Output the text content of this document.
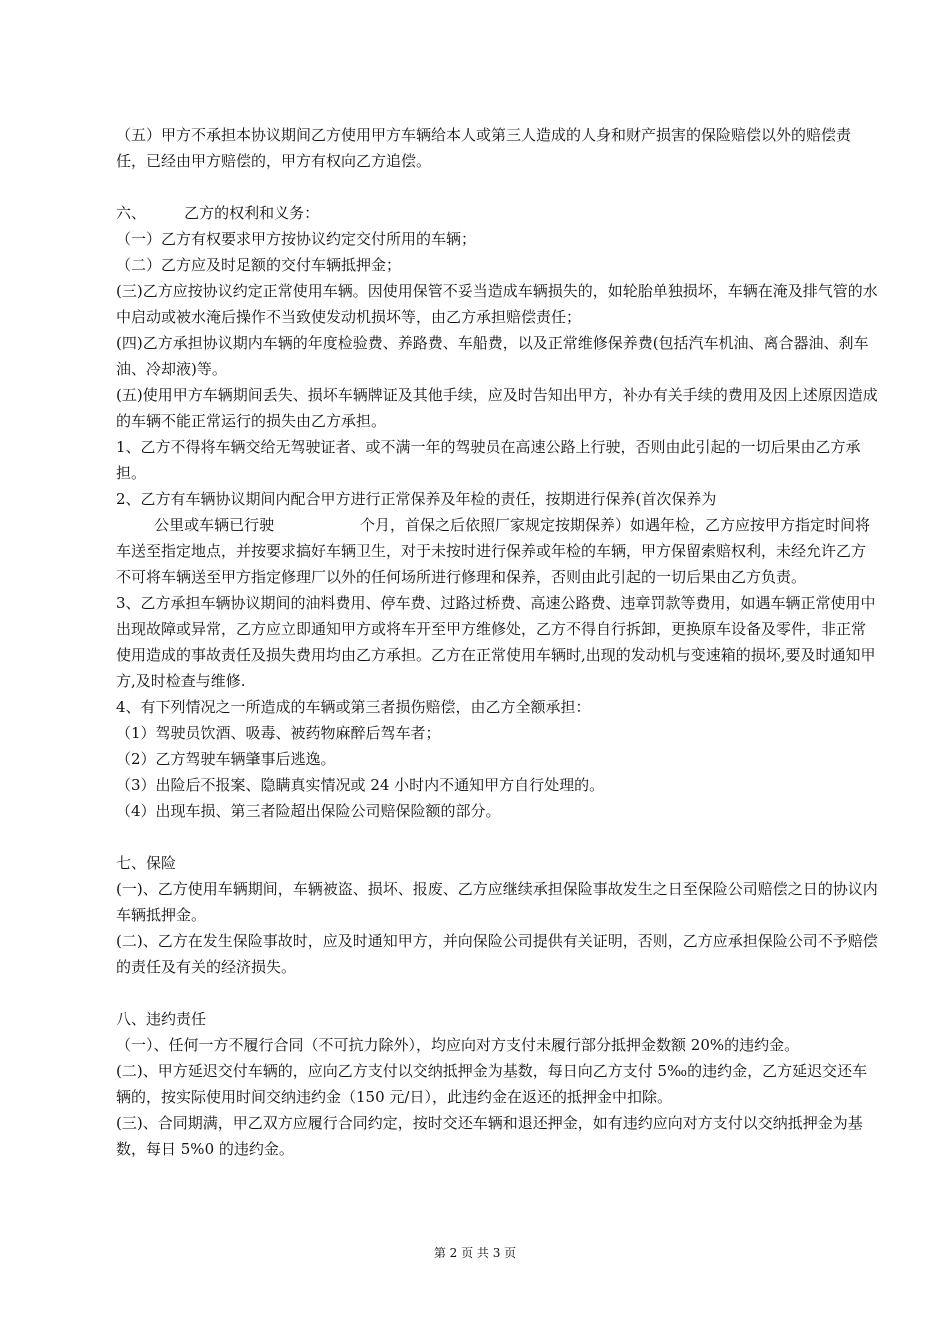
（五）甲方不承担本协议期间乙方使用甲方车辆给本人或第三人造成的人身和财产损害的保险赔偿以外的赔偿责任，已经由甲方赔偿的，甲方有权向乙方追偿。

六、        乙方的权利和义务：

（一）乙方有权要求甲方按协议约定交付所用的车辆；

（二）乙方应及时足额的交付车辆抵押金；

(三)乙方应按协议约定正常使用车辆。因使用保管不妥当造成车辆损失的，如轮胎单独损坏，车辆在淹及排气管的水中启动或被水淹后操作不当致使发动机损坏等，由乙方承担赔偿责任；

(四)乙方承担协议期内车辆的年度检验费、养路费、车船费，以及正常维修保养费(包括汽车机油、离合器油、刹车油、冷却液)等。

(五)使用甲方车辆期间丢失、损坏车辆牌证及其他手续，应及时告知出甲方，补办有关手续的费用及因上述原因造成的车辆不能正常运行的损失由乙方承担。

1、乙方不得将车辆交给无驾驶证者、或不满一年的驾驶员在高速公路上行驶，否则由此引起的一切后果由乙方承担。

2、乙方有车辆协议期间内配合甲方进行正常保养及年检的责任，按期进行保养(首次保养为

公里或车辆已行驶                  个月，首保之后依照厂家规定按期保养）如遇年检，乙方应按甲方指定时间将车送至指定地点，并按要求搞好车辆卫生，对于未按时进行保养或年检的车辆，甲方保留索赔权利，未经允许乙方不可将车辆送至甲方指定修理厂以外的任何场所进行修理和保养，否则由此引起的一切后果由乙方负责。

3、乙方承担车辆协议期间的油料费用、停车费、过路过桥费、高速公路费、违章罚款等费用，如遇车辆正常使用中出现故障或异常，乙方应立即通知甲方或将车开至甲方维修处，乙方不得自行拆卸，更换原车设备及零件，非正常使用造成的事故责任及损失费用均由乙方承担。乙方在正常使用车辆时,出现的发动机与变速箱的损坏,要及时通知甲方,及时检查与维修.

4、有下列情况之一所造成的车辆或第三者损伤赔偿，由乙方全额承担：

（1）驾驶员饮酒、吸毒、被药物麻醉后驾车者；

（2）乙方驾驶车辆肇事后逃逸。

（3）出险后不报案、隐瞒真实情况或 24 小时内不通知甲方自行处理的。

（4）出现车损、第三者险超出保险公司赔保险额的部分。

七、保险

(一)、乙方使用车辆期间，车辆被盗、损坏、报废、乙方应继续承担保险事故发生之日至保险公司赔偿之日的协议内车辆抵押金。

(二)、乙方在发生保险事故时，应及时通知甲方，并向保险公司提供有关证明，否则，乙方应承担保险公司不予赔偿的责任及有关的经济损失。

八、违约责任

（一）、任何一方不履行合同（不可抗力除外），均应向对方支付未履行部分抵押金数额 20%的违约金。

(二)、甲方延迟交付车辆的，应向乙方支付以交纳抵押金为基数，每日向乙方支付 5‰的违约金，乙方延迟交还车辆的，按实际使用时间交纳违约金（150 元/日），此违约金在返还的抵押金中扣除。

(三)、合同期满，甲乙双方应履行合同约定，按时交还车辆和退还押金，如有违约应向对方支付以交纳抵押金为基数，每日 5%0 的违约金。

第 2 页 共 3 页
